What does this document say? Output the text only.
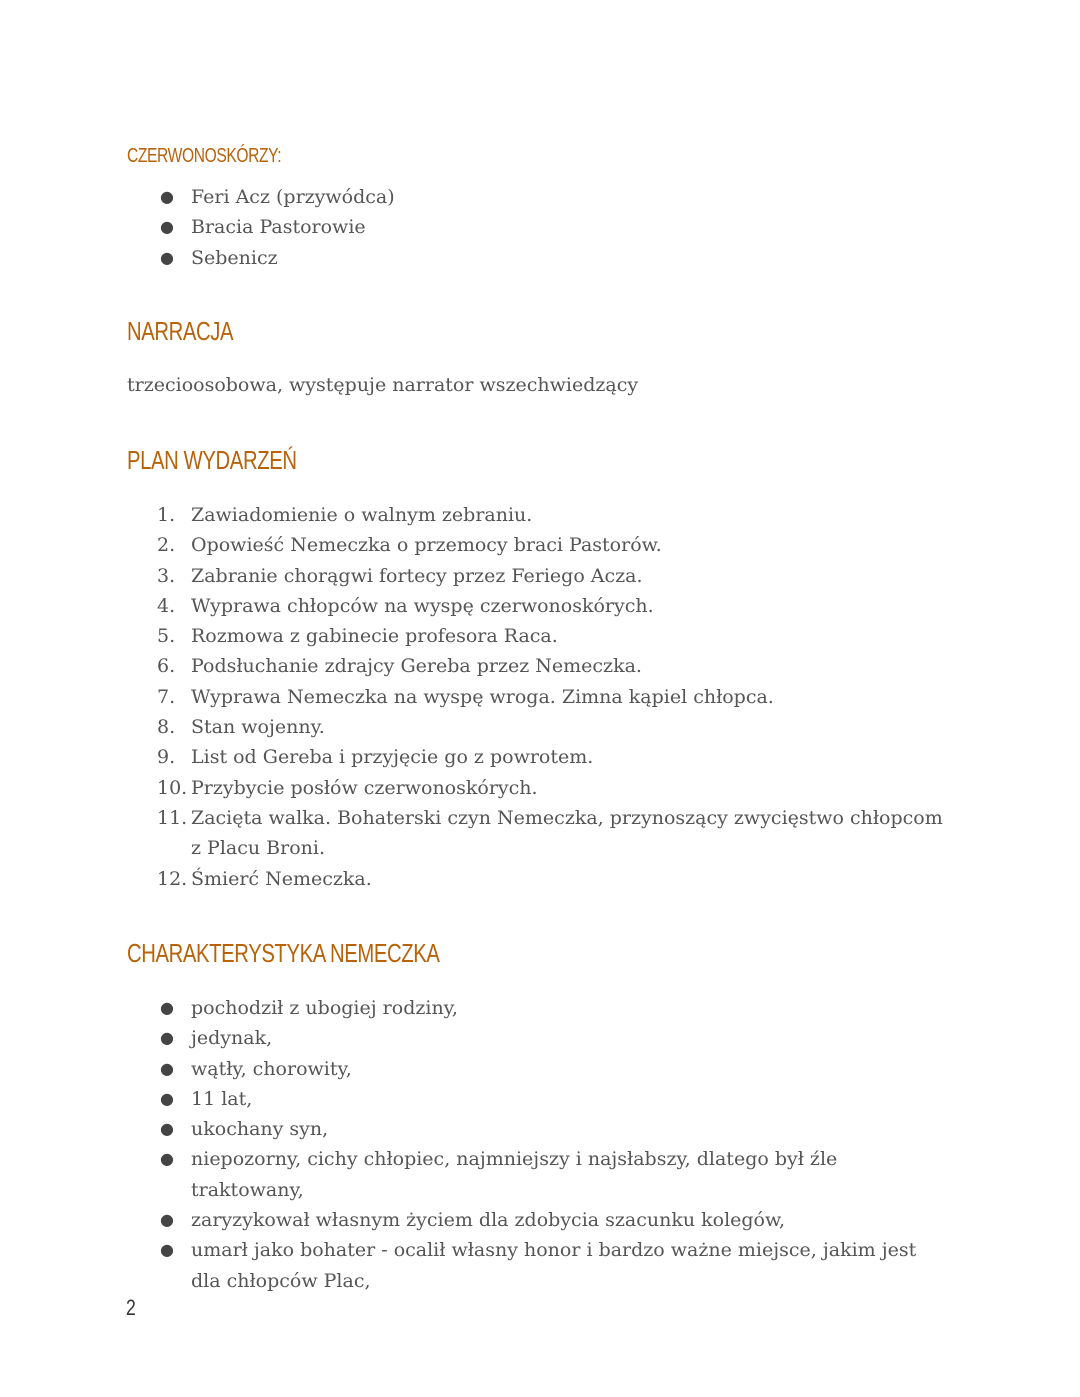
CZERWONOSKÓRZY:
● Feri Acz (przywódca)
● Bracia Pastorowie
● Sebenicz
NARRACJA

trzecioosobowa, występuje narrator wszechwiedzący

PLAN WYDARZEŃ
1. Zawiadomienie o walnym zebraniu.
2. Opowieść Nemeczka o przemocy braci Pastorów.
3. Zabranie chorągwi fortecy przez Feriego Acza.
4. Wyprawa chłopców na wyspę czerwonoskórych.
5. Rozmowa z gabinecie profesora Raca.
6. Podsłuchanie zdrajcy Gereba przez Nemeczka.
7. Wyprawa Nemeczka na wyspę wroga. Zimna kąpiel chłopca.
8. Stan wojenny.
9. List od Gereba i przyjęcie go z powrotem.
10. Przybycie posłów czerwonoskórych.
11. Zacięta walka. Bohaterski czyn Nemeczka, przynoszący zwycięstwo chłopcom z Placu Broni.
12. Śmierć Nemeczka.
CHARAKTERYSTYKA NEMECZKA
● pochodził z ubogiej rodziny,
● jedynak,
● wątły, chorowity,
● 11 lat,
● ukochany syn,
● niepozorny, cichy chłopiec, najmniejszy i najsłabszy, dlatego był źle traktowany,
● zaryzykował własnym życiem dla zdobycia szacunku kolegów,
● umarł jako bohater - ocalił własny honor i bardzo ważne miejsce, jakim jest dla chłopców Plac,
2
